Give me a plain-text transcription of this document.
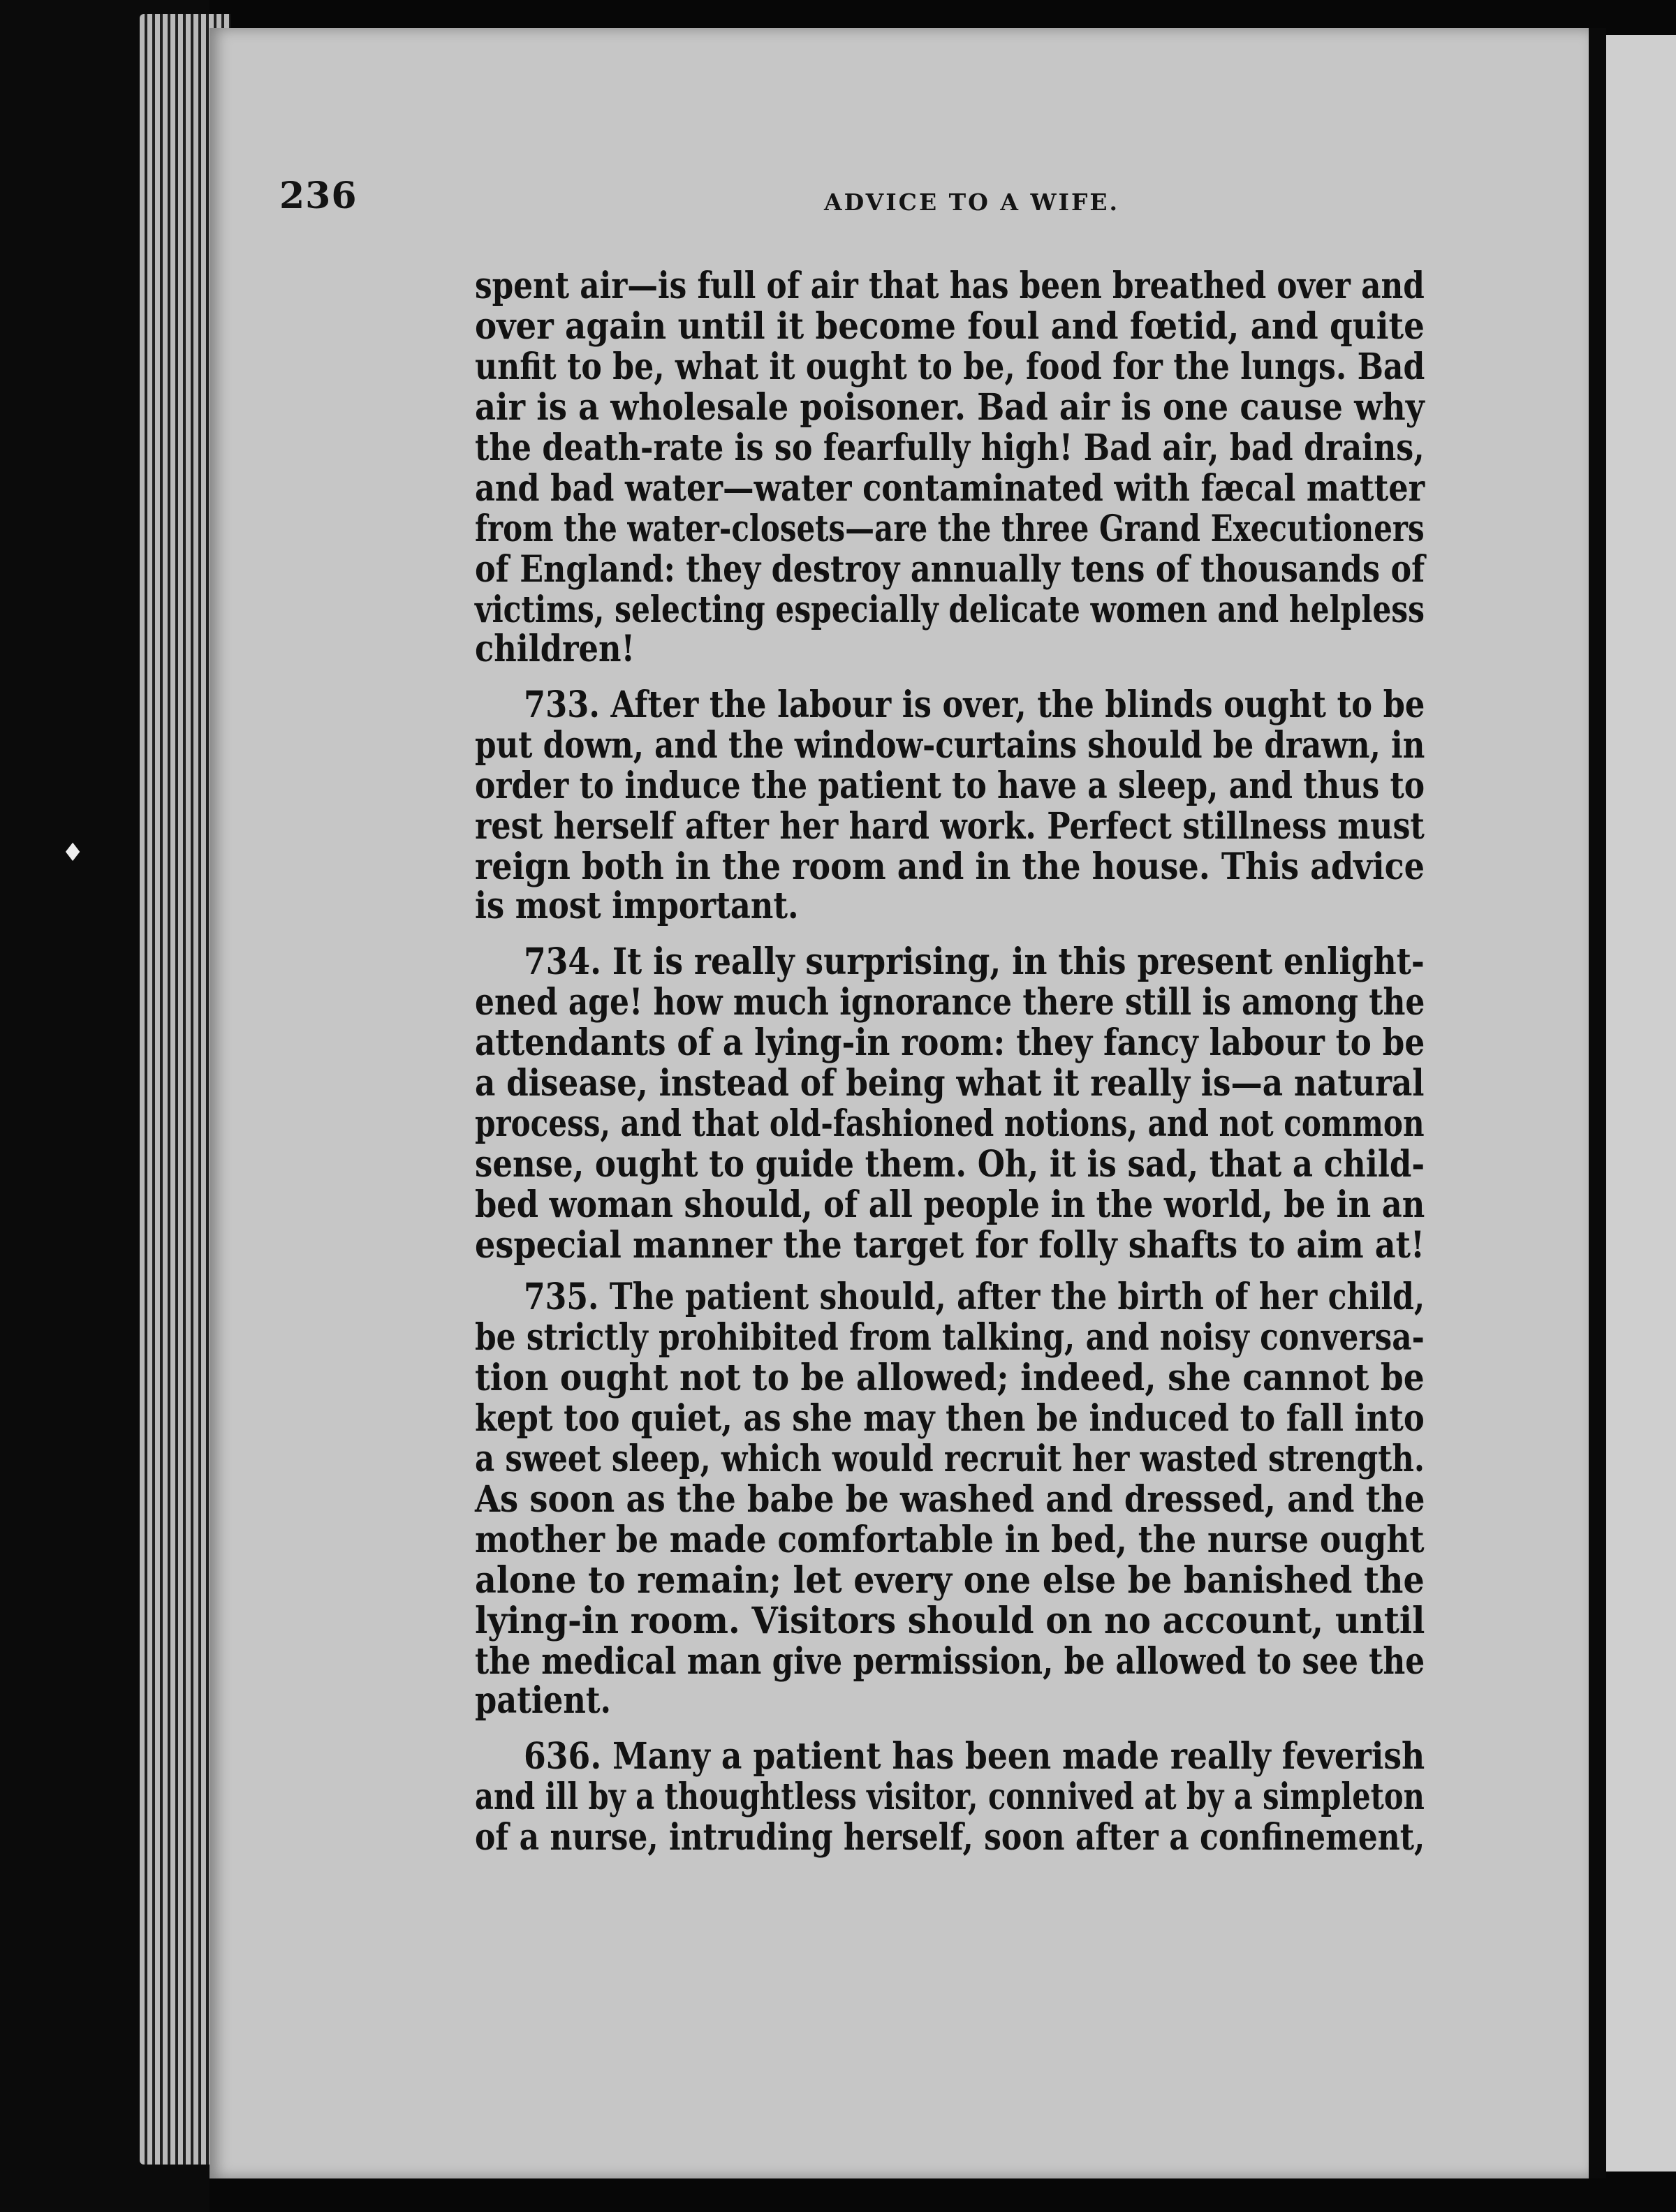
♦
236	ADVICE TO A WIFE.
spent air—is full of air that has been breathed over and
over again until it become foul and fœtid, and quite
unfit to be, what it ought to be, food for the lungs. Bad
air is a wholesale poisoner. Bad air is one cause why
the death-rate is so fearfully high! Bad air, bad drains,
and bad water—water contaminated with fæcal matter
from the water-closets—are the three Grand Executioners
of England: they destroy annually tens of thousands of
victims, selecting especially delicate women and helpless
children!
733. After the labour is over, the blinds ought to be
put down, and the window-curtains should be drawn, in
order to induce the patient to have a sleep, and thus to
rest herself after her hard work. Perfect stillness must
reign both in the room and in the house. This advice
is most important.
734. It is really surprising, in this present enlight-
ened age! how much ignorance there still is among the
attendants of a lying-in room: they fancy labour to be
a disease, instead of being what it really is—a natural
process, and that old-fashioned notions, and not common
sense, ought to guide them. Oh, it is sad, that a child-
bed woman should, of all people in the world, be in an
especial manner the target for folly shafts to aim at!
735. The patient should, after the birth of her child,
be strictly prohibited from talking, and noisy conversa-
tion ought not to be allowed; indeed, she cannot be
kept too quiet, as she may then be induced to fall into
a sweet sleep, which would recruit her wasted strength.
As soon as the babe be washed and dressed, and the
mother be made comfortable in bed, the nurse ought
alone to remain; let every one else be banished the
lying-in room. Visitors should on no account, until
the medical man give permission, be allowed to see the
patient.
636. Many a patient has been made really feverish
and ill by a thoughtless visitor, connived at by a simpleton
of a nurse, intruding herself, soon after a confinement,
